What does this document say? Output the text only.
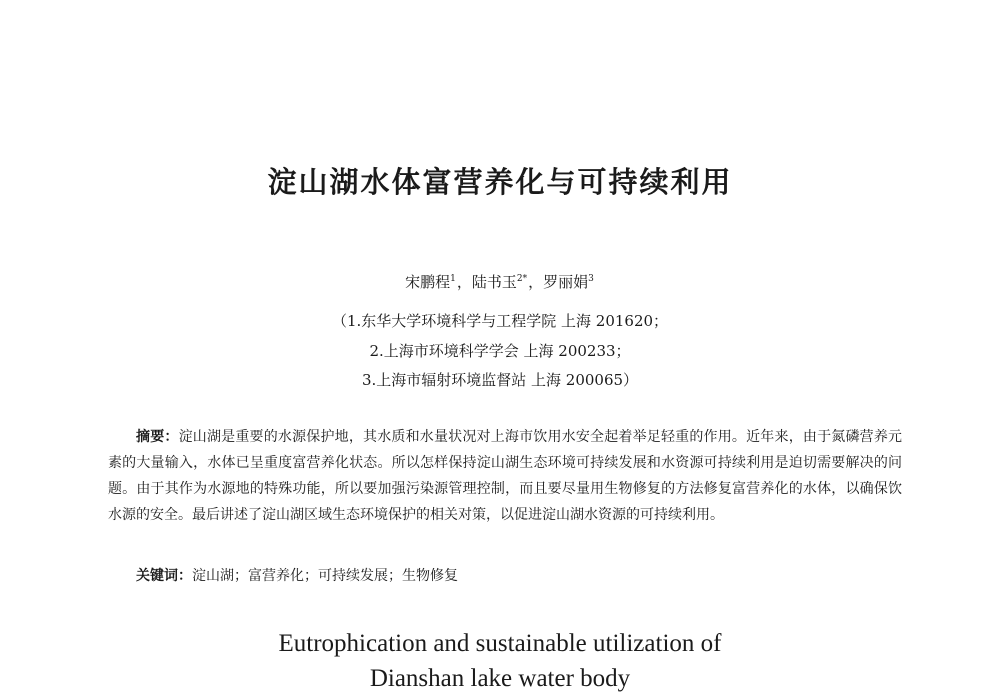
淀山湖水体富营养化与可持续利用

宋鹏程$^1$，陆书玉$^{2*}$，罗丽娟$^3$

（1.东华大学环境科学与工程学院 上海 201620；

2.上海市环境科学学会 上海 200233；

3.上海市辐射环境监督站 上海 200065）

摘要：淀山湖是重要的水源保护地，其水质和水量状况对上海市饮用水安全起着举足轻重的作用。近年来，由于氮磷营养元素的大量输入，水体已呈重度富营养化状态。所以怎样保持淀山湖生态环境可持续发展和水资源可持续利用是迫切需要解决的问题。由于其作为水源地的特殊功能，所以要加强污染源管理控制，而且要尽量用生物修复的方法修复富营养化的水体，以确保饮水源的安全。最后讲述了淀山湖区域生态环境保护的相关对策，以促进淀山湖水资源的可持续利用。

关键词：淀山湖；富营养化；可持续发展；生物修复

Eutrophication and sustainable utilization of

Dianshan lake water body
